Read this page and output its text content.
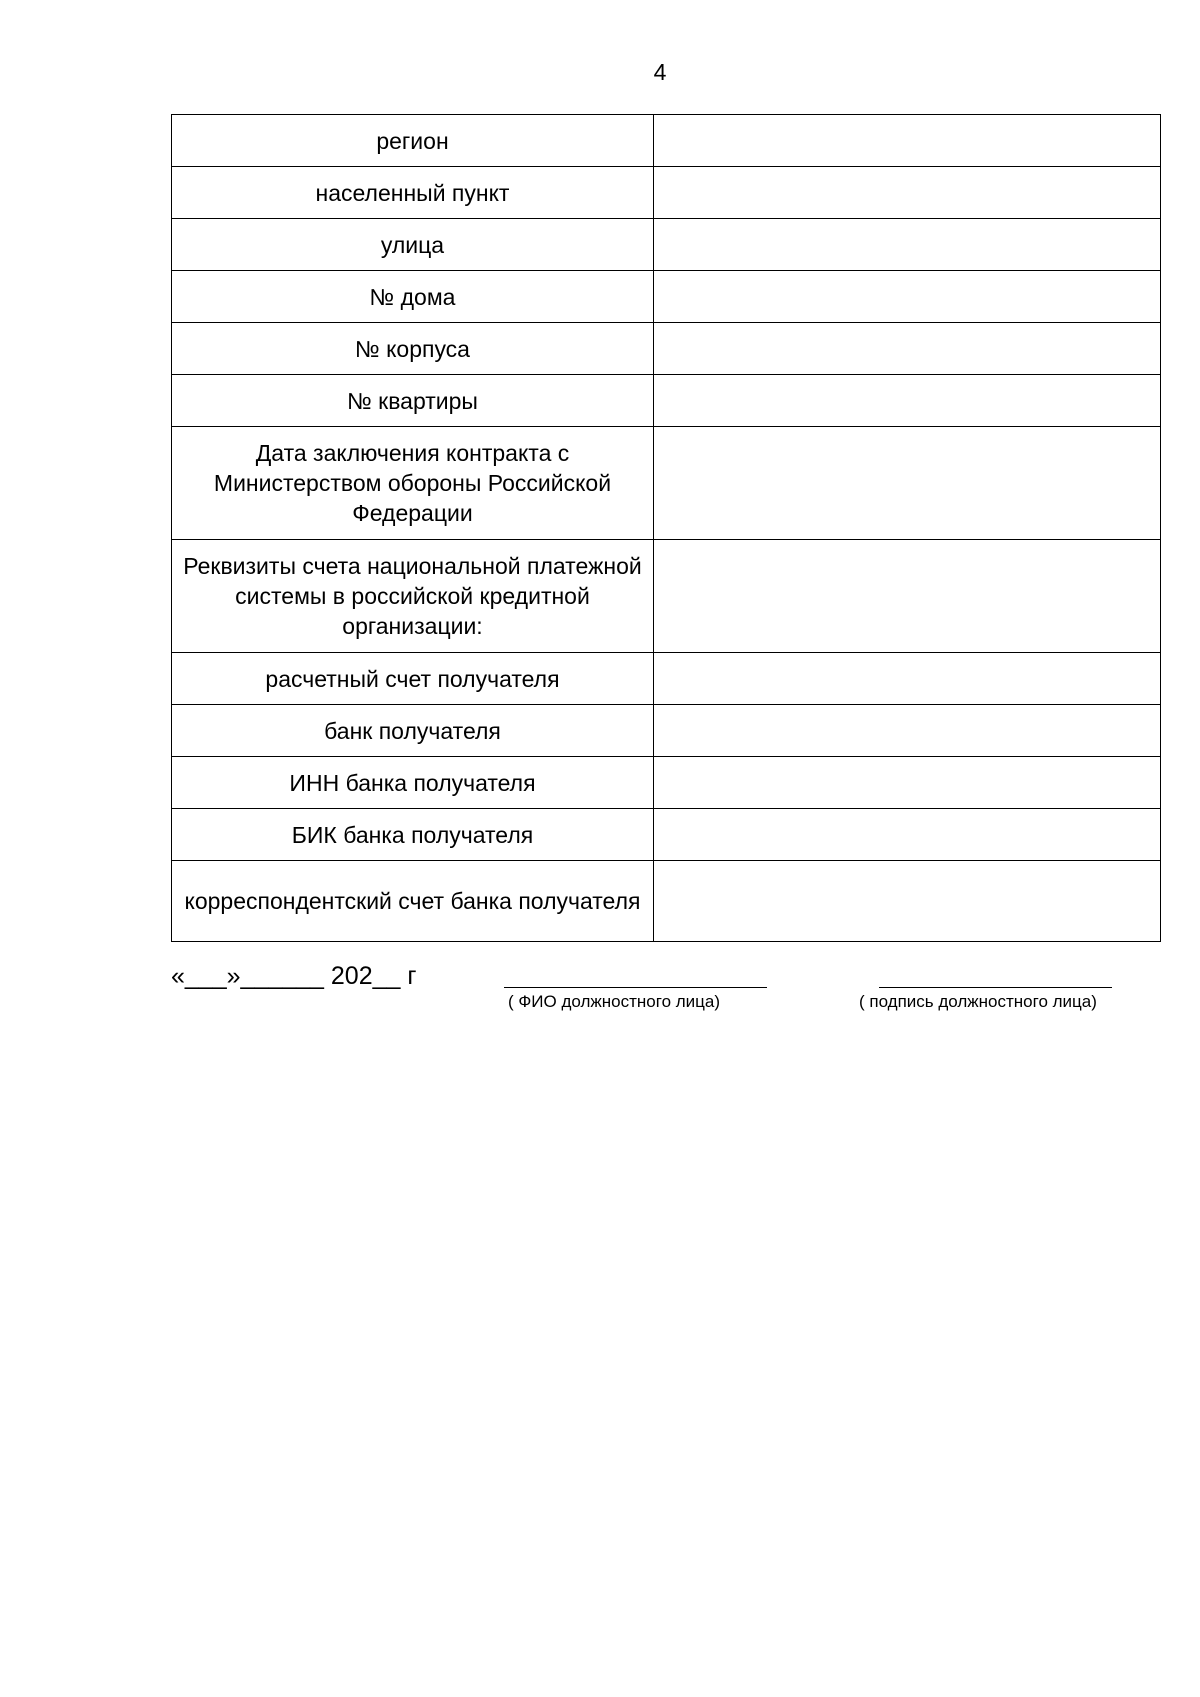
4
регион	
населенный пункт	
улица	
№ дома	
№ корпуса	
№ квартиры	
Дата заключения контракта с Министерством обороны Российской Федерации	
Реквизиты счета национальной платежной системы в российской кредитной организации:	
расчетный счет получателя	
банк получателя	
ИНН банка получателя	
БИК банка получателя	
корреспондентский счет банка получателя	
«___»______ 202__ г
( ФИО должностного лица)	( подпись должностного лица)
